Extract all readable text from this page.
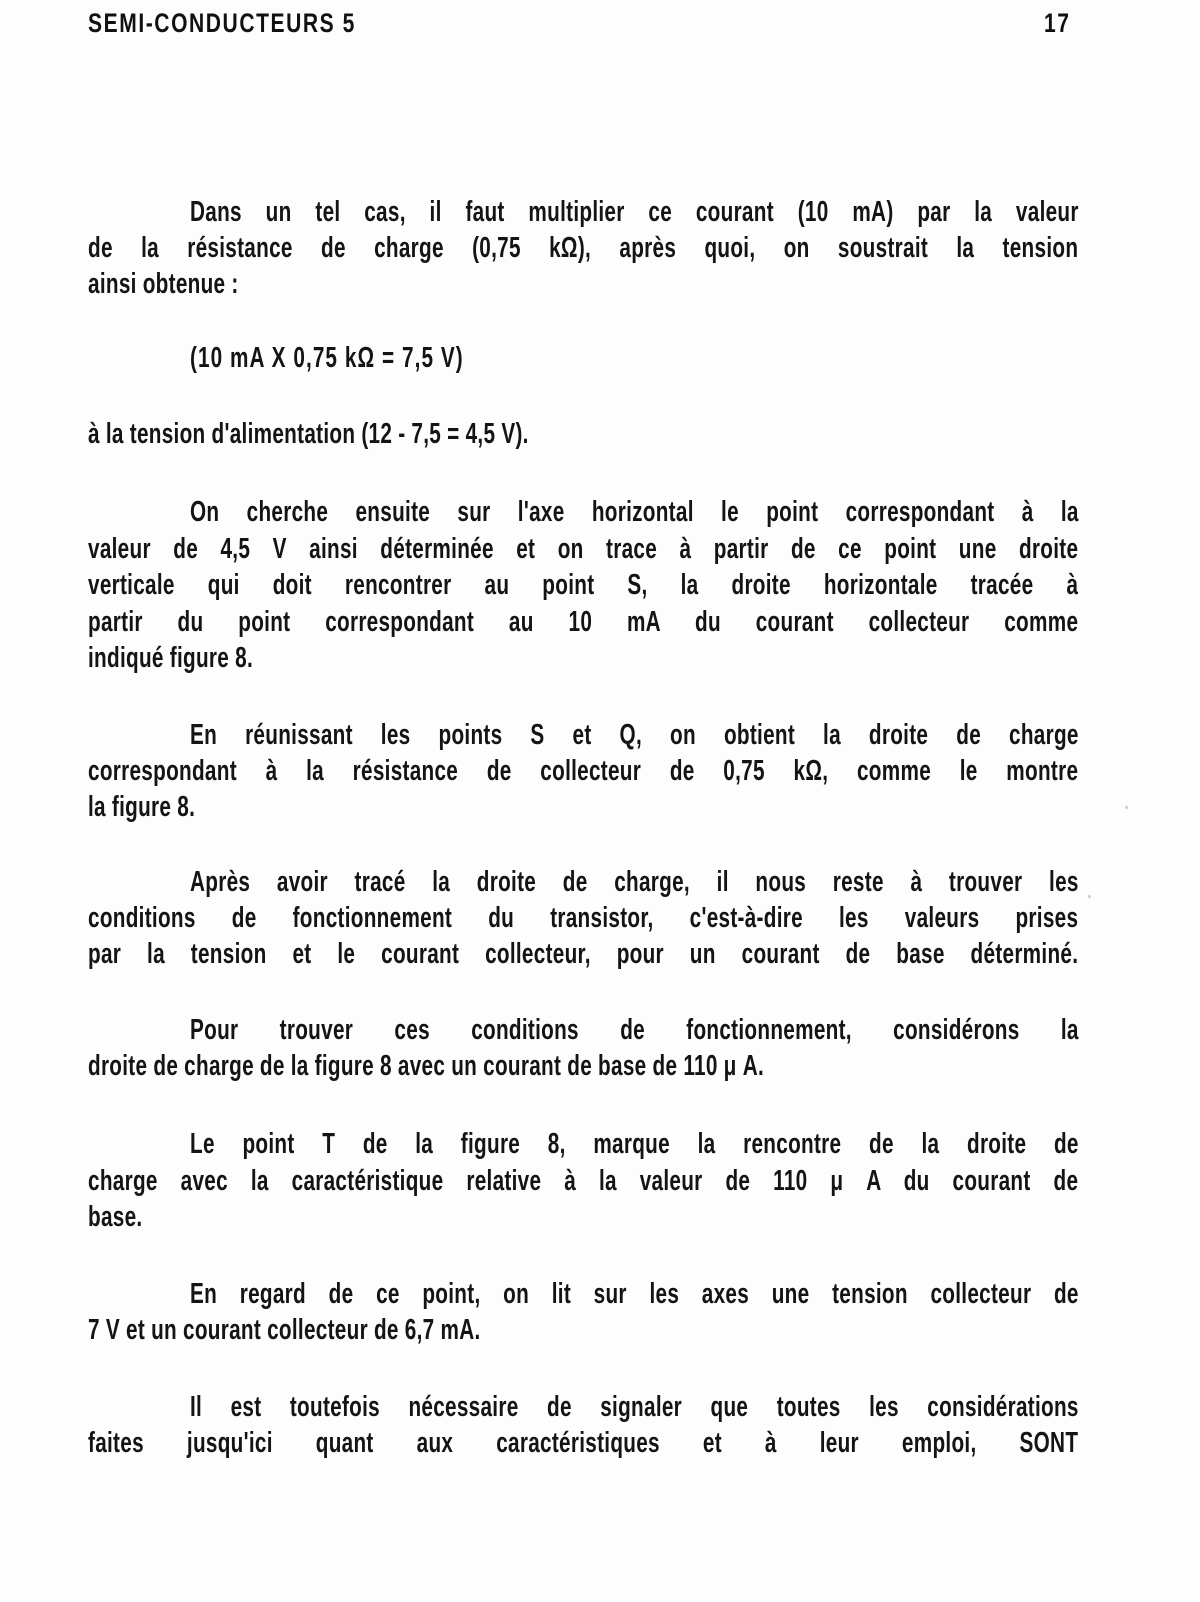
SEMI-CONDUCTEURS 5	17
Dans un tel cas, il faut multiplier ce courant (10 mA) par la valeur
de la résistance de charge (0,75 kΩ), après quoi, on soustrait la tension
ainsi obtenue :
(10 mA X 0,75 kΩ = 7,5 V)
à la tension d'alimentation (12 - 7,5 = 4,5 V).
On cherche ensuite sur l'axe horizontal le point correspondant à la
valeur de 4,5 V ainsi déterminée et on trace à partir de ce point une droite
verticale qui doit rencontrer au point S, la droite horizontale tracée à
partir du point correspondant au 10 mA du courant collecteur comme
indiqué figure 8.
En réunissant les points S et Q, on obtient la droite de charge
correspondant à la résistance de collecteur de 0,75 kΩ, comme le montre
la figure 8.
Après avoir tracé la droite de charge, il nous reste à trouver les
conditions de fonctionnement du transistor, c'est-à-dire les valeurs prises
par la tension et le courant collecteur, pour un courant de base déterminé.
Pour trouver ces conditions de fonctionnement, considérons la
droite de charge de la figure 8 avec un courant de base de 110 μ A.
Le point T de la figure 8, marque la rencontre de la droite de
charge avec la caractéristique relative à la valeur de 110 μ A du courant de
base.
En regard de ce point, on lit sur les axes une tension collecteur de
7 V et un courant collecteur de 6,7 mA.
Il est toutefois nécessaire de signaler que toutes les considérations
faites jusqu'ici quant aux caractéristiques et à leur emploi, SONT
